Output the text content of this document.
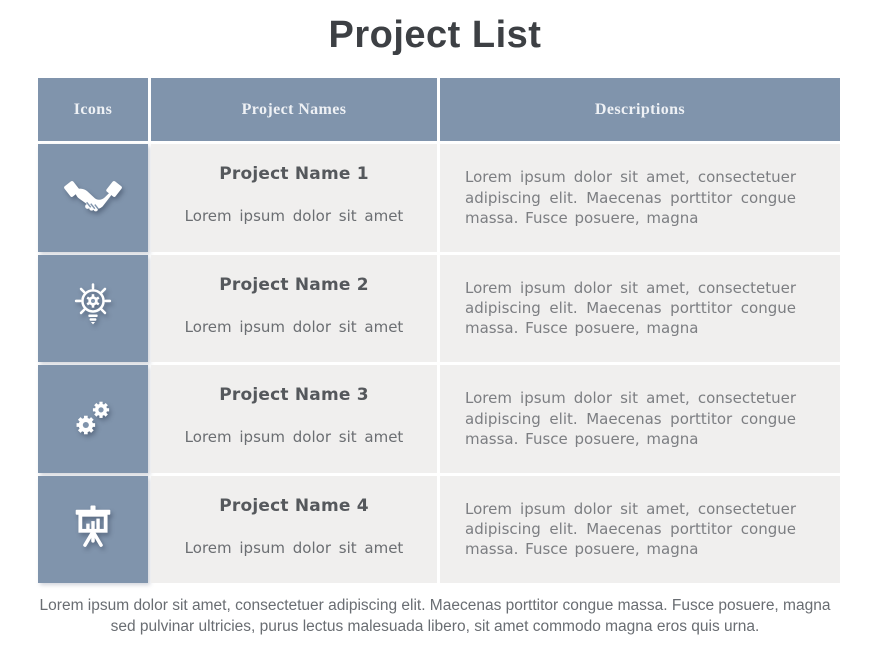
Project List
Icons	Project Names	Descriptions
Project Name 1
Lorem ipsum dolor sit amet
Lorem ipsum dolor sit amet, consectetuer adipiscing elit. Maecenas porttitor congue massa. Fusce posuere, magna
Project Name 2
Lorem ipsum dolor sit amet
Lorem ipsum dolor sit amet, consectetuer adipiscing elit. Maecenas porttitor congue massa. Fusce posuere, magna
Project Name 3
Lorem ipsum dolor sit amet
Lorem ipsum dolor sit amet, consectetuer adipiscing elit. Maecenas porttitor congue massa. Fusce posuere, magna
Project Name 4
Lorem ipsum dolor sit amet
Lorem ipsum dolor sit amet, consectetuer adipiscing elit. Maecenas porttitor congue massa. Fusce posuere, magna
Lorem ipsum dolor sit amet, consectetuer adipiscing elit. Maecenas porttitor congue massa. Fusce posuere, magna sed pulvinar ultricies, purus lectus malesuada libero, sit amet commodo magna eros quis urna.
